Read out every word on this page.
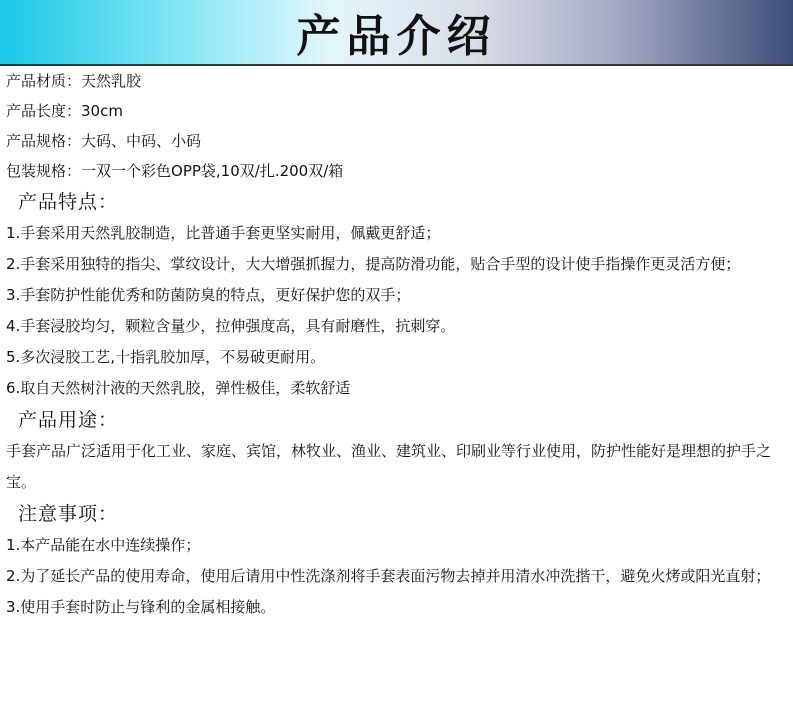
产品介绍
产品材质：天然乳胶
产品长度：30cm
产品规格：大码、中码、小码
包装规格：一双一个彩色OPP袋,10双/扎.200双/箱
产品特点：
1.手套采用天然乳胶制造，比普通手套更坚实耐用，佩戴更舒适；
2.手套采用独特的指尖、掌纹设计，大大增强抓握力，提高防滑功能，贴合手型的设计使手指操作更灵活方便；
3.手套防护性能优秀和防菌防臭的特点，更好保护您的双手；
4.手套浸胶均匀，颗粒含量少，拉伸强度高，具有耐磨性，抗刺穿。
5.多次浸胶工艺,十指乳胶加厚，不易破更耐用。
6.取自天然树汁液的天然乳胶，弹性极佳，柔软舒适
产品用途：
手套产品广泛适用于化工业、家庭、宾馆，林牧业、渔业、建筑业、印刷业等行业使用，防护性能好是理想的护手之宝。
注意事项：
1.本产品能在水中连续操作；
2.为了延长产品的使用寿命，使用后请用中性洗涤剂将手套表面污物去掉并用清水冲洗揩干，避免火烤或阳光直射；
3.使用手套时防止与锋利的金属相接触。
